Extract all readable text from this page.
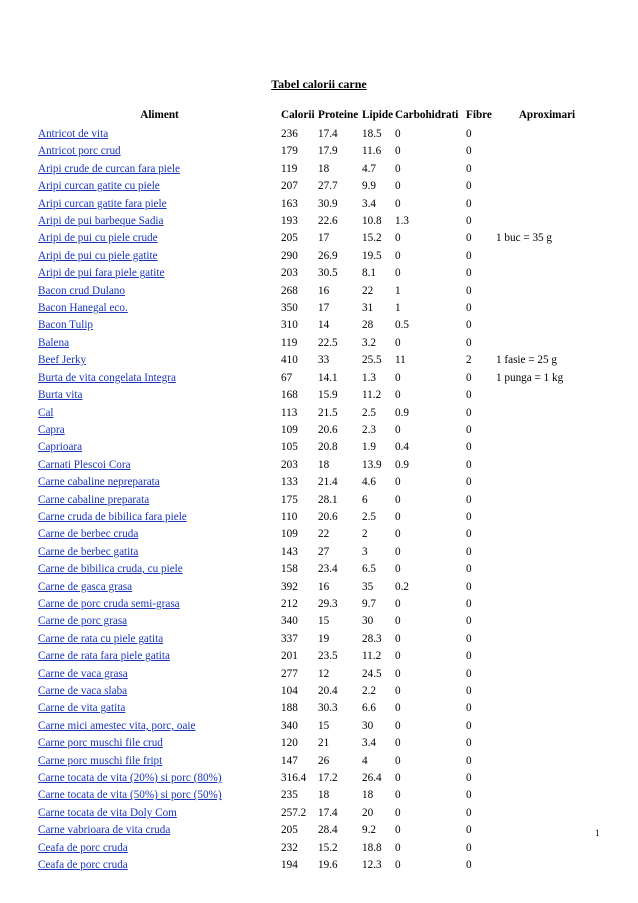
Tabel calorii carne
Aliment	Calorii	Proteine	Lipide	Carbohidrati	Fibre	Aproximari
Antricot de vita	236	17.4	18.5	0	0	
Antricot porc crud	179	17.9	11.6	0	0	
Aripi crude de curcan fara piele	119	18	4.7	0	0	
Aripi curcan gatite cu piele	207	27.7	9.9	0	0	
Aripi curcan gatite fara piele	163	30.9	3.4	0	0	
Aripi de pui barbeque Sadia	193	22.6	10.8	1.3	0	
Aripi de pui cu piele crude	205	17	15.2	0	0	1 buc = 35 g
Aripi de pui cu piele gatite	290	26.9	19.5	0	0	
Aripi de pui fara piele gatite	203	30.5	8.1	0	0	
Bacon crud Dulano	268	16	22	1	0	
Bacon Hanegal eco.	350	17	31	1	0	
Bacon Tulip	310	14	28	0.5	0	
Balena	119	22.5	3.2	0	0	
Beef Jerky	410	33	25.5	11	2	1 fasie = 25 g
Burta de vita congelata Integra	67	14.1	1.3	0	0	1 punga = 1 kg
Burta vita	168	15.9	11.2	0	0	
Cal	113	21.5	2.5	0.9	0	
Capra	109	20.6	2.3	0	0	
Caprioara	105	20.8	1.9	0.4	0	
Carnati Plescoi Cora	203	18	13.9	0.9	0	
Carne cabaline nepreparata	133	21.4	4.6	0	0	
Carne cabaline preparata	175	28.1	6	0	0	
Carne cruda de bibilica fara piele	110	20.6	2.5	0	0	
Carne de berbec cruda	109	22	2	0	0	
Carne de berbec gatita	143	27	3	0	0	
Carne de bibilica cruda, cu piele	158	23.4	6.5	0	0	
Carne de gasca grasa	392	16	35	0.2	0	
Carne de porc cruda semi-grasa	212	29.3	9.7	0	0	
Carne de porc grasa	340	15	30	0	0	
Carne de rata cu piele gatita	337	19	28.3	0	0	
Carne de rata fara piele gatita	201	23.5	11.2	0	0	
Carne de vaca grasa	277	12	24.5	0	0	
Carne de vaca slaba	104	20.4	2.2	0	0	
Carne de vita gatita	188	30.3	6.6	0	0	
Carne mici amestec vita, porc, oaie	340	15	30	0	0	
Carne porc muschi file crud	120	21	3.4	0	0	
Carne porc muschi file fript	147	26	4	0	0	
Carne tocata de vita (20%) si porc (80%)	316.4	17.2	26.4	0	0	
Carne tocata de vita (50%) si porc (50%)	235	18	18	0	0	
Carne tocata de vita Doly Com	257.2	17.4	20	0	0	
Carne vabrioara de vita cruda	205	28.4	9.2	0	0	
Ceafa de porc cruda	232	15.2	18.8	0	0	
Ceafa de porc cruda	194	19.6	12.3	0	0	
1
